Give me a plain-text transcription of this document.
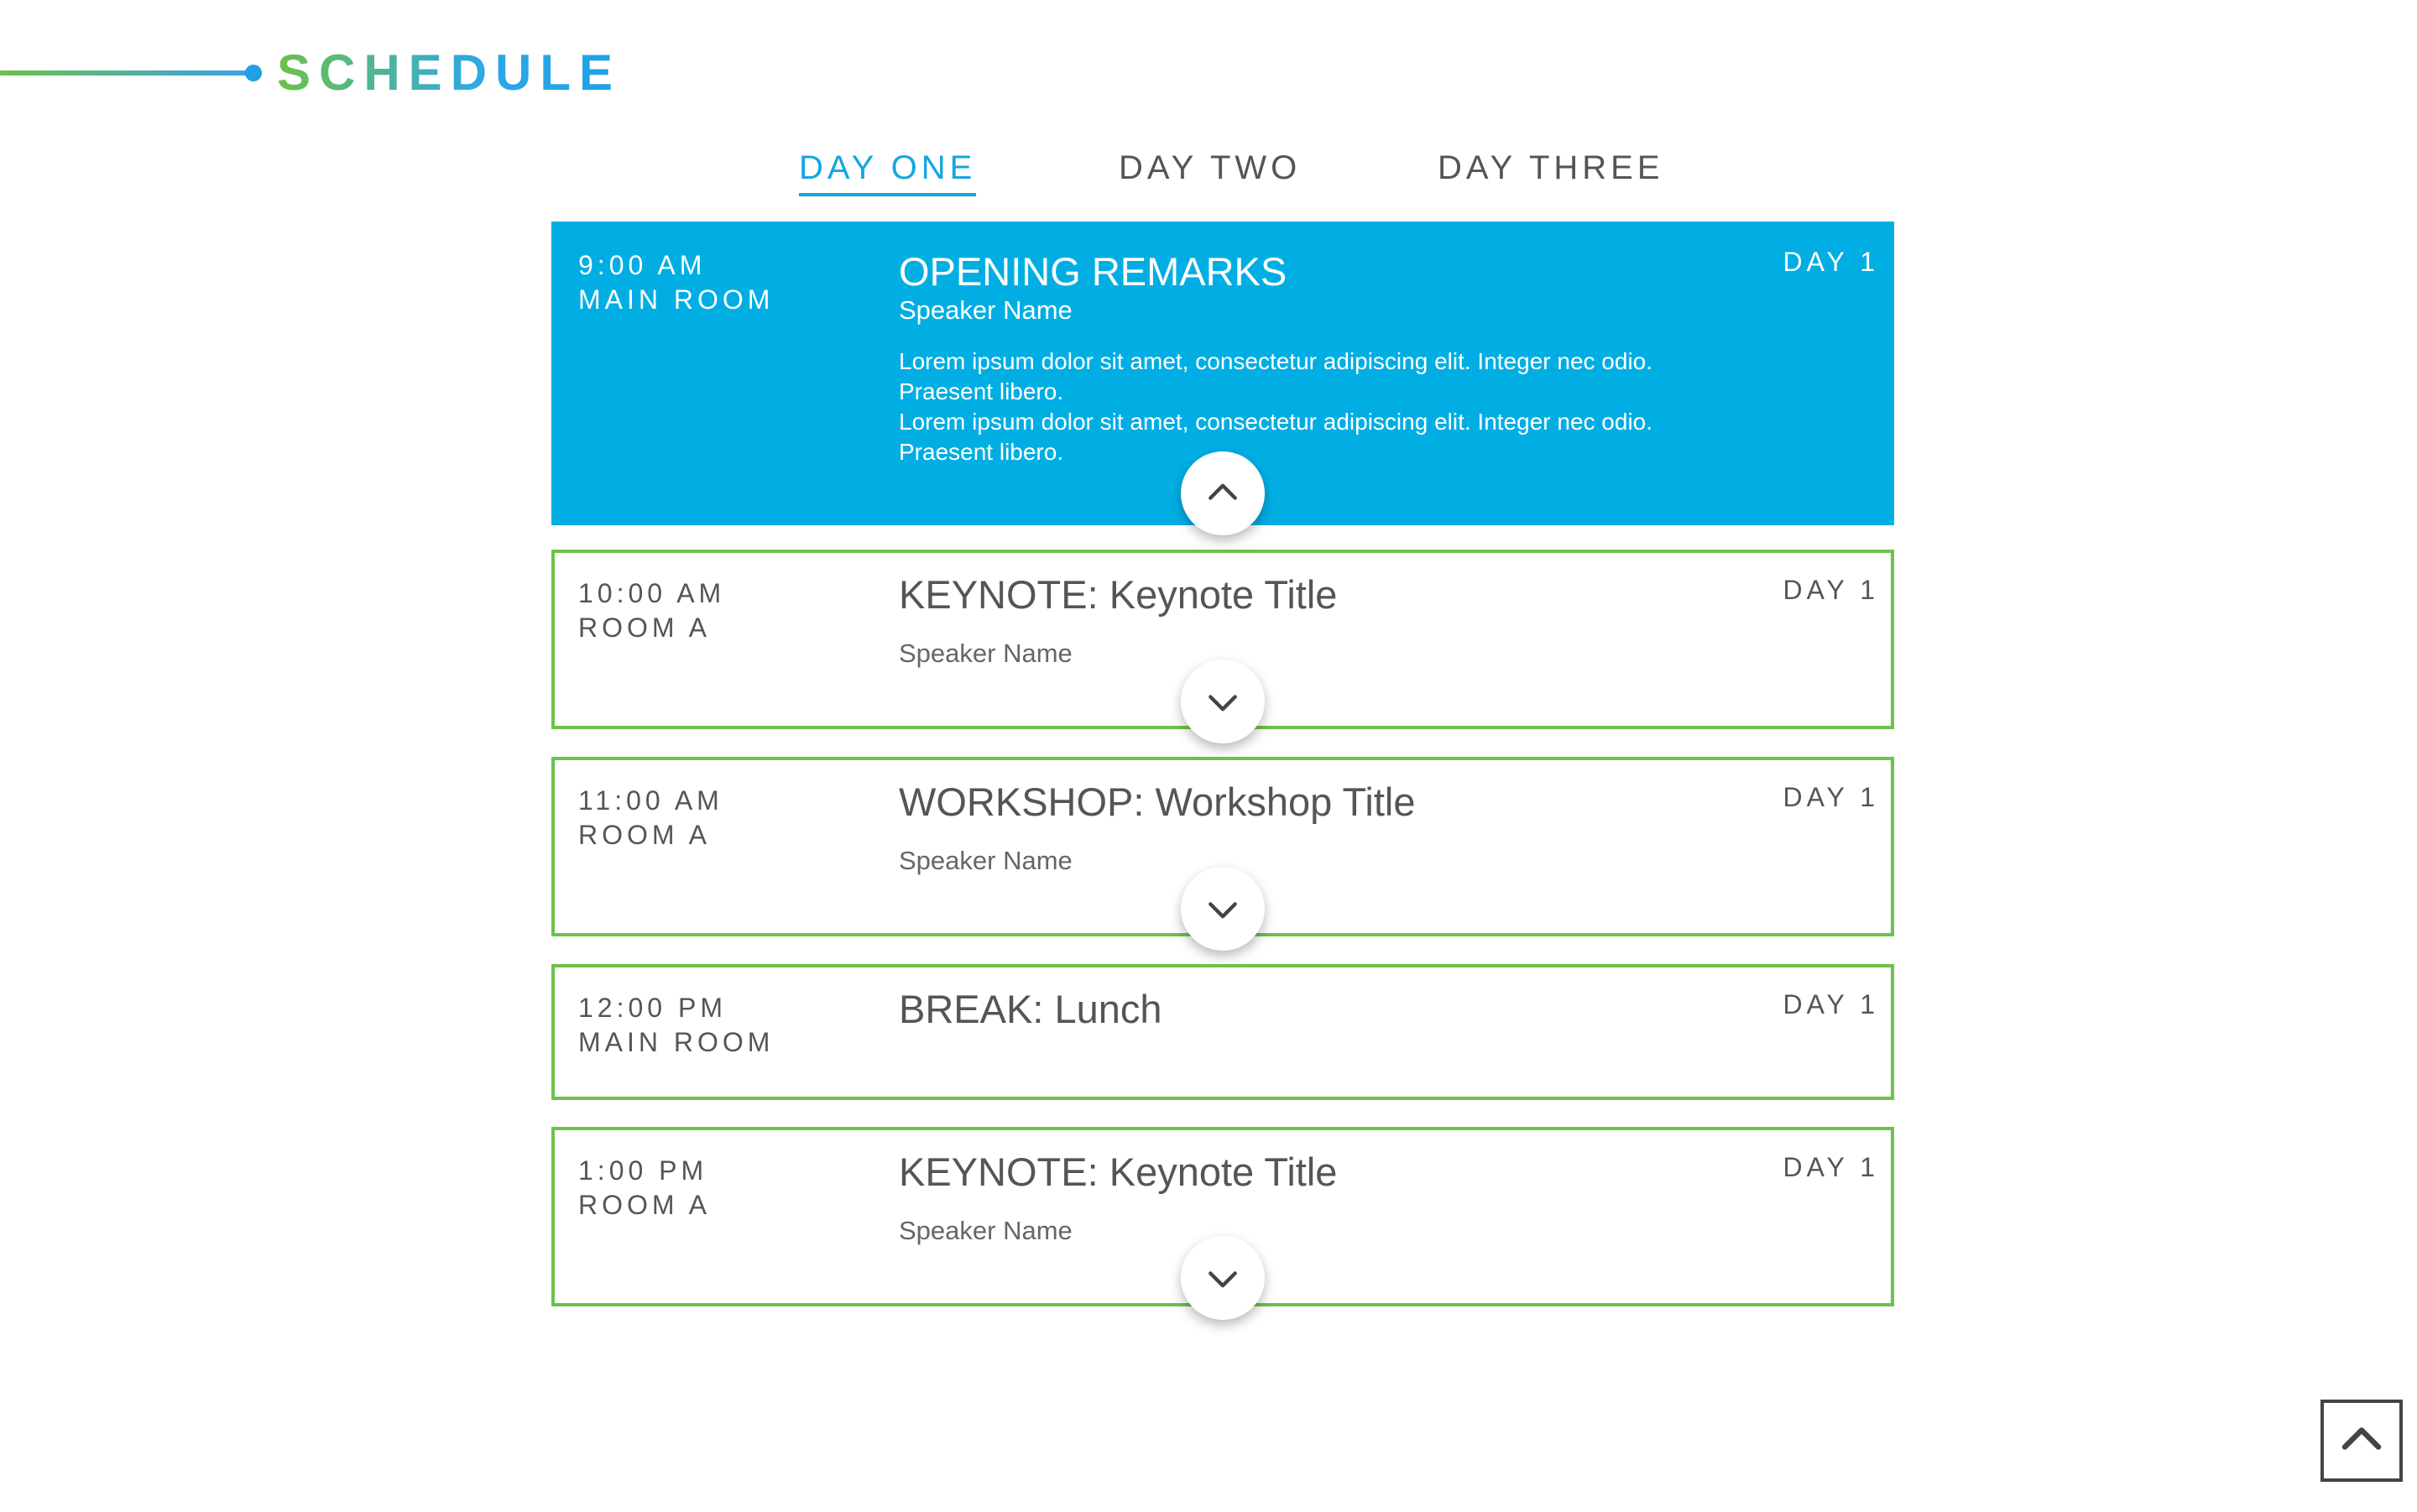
SCHEDULE
DAY ONE	DAY TWO	DAY THREE
9:00 AM
MAIN ROOM
OPENING REMARKS
Speaker Name
DAY 1
Lorem ipsum dolor sit amet, consectetur adipiscing elit. Integer nec odio.
Praesent libero.
Lorem ipsum dolor sit amet, consectetur adipiscing elit. Integer nec odio.
Praesent libero.
10:00 AM
ROOM A
KEYNOTE: Keynote Title
Speaker Name
DAY 1
11:00 AM
ROOM A
WORKSHOP: Workshop Title
Speaker Name
DAY 1
12:00 PM
MAIN ROOM
BREAK: Lunch	DAY 1
1:00 PM
ROOM A
KEYNOTE: Keynote Title
Speaker Name
DAY 1
